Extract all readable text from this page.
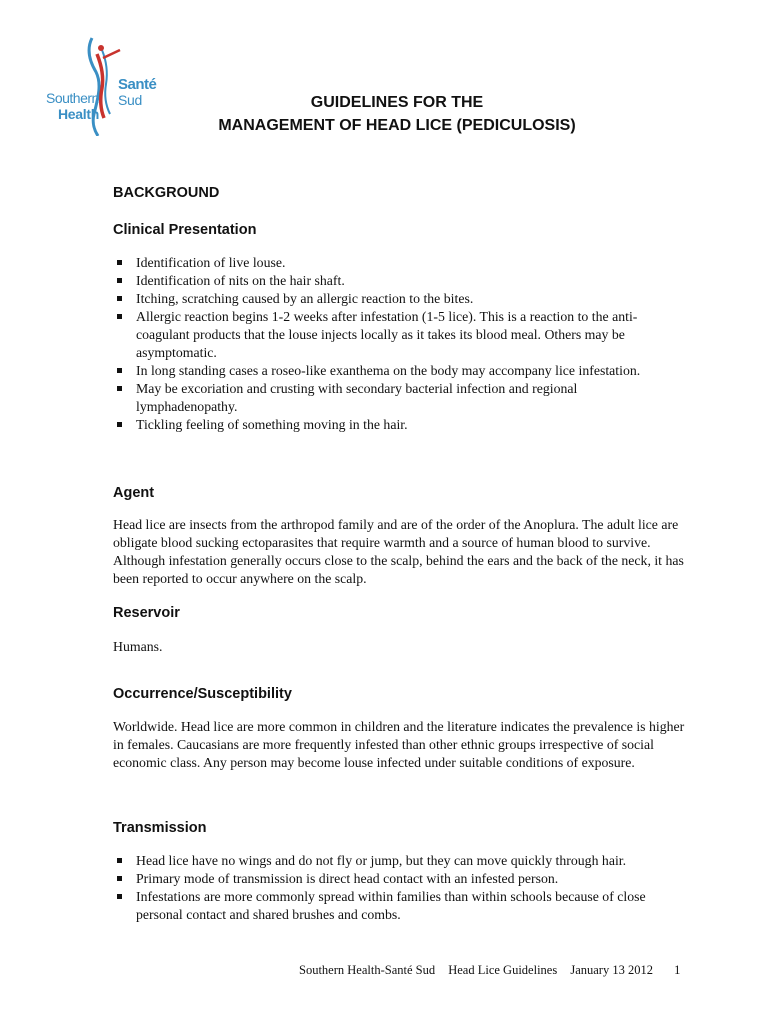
Southern
Health
Santé
Sud	GUIDELINES FOR THE
MANAGEMENT OF HEAD LICE (PEDICULOSIS)
BACKGROUND
Clinical Presentation
Identification of live louse.
Identification of nits on the hair shaft.
Itching, scratching caused by an allergic reaction to the bites.
Allergic reaction begins 1-2 weeks after infestation (1-5 lice). This is a reaction to the anti-coagulant products that the louse injects locally as it takes its blood meal. Others may be asymptomatic.
In long standing cases a roseo-like exanthema on the body may accompany lice infestation.
May be excoriation and crusting with secondary bacterial infection and regional lymphadenopathy.
Tickling feeling of something moving in the hair.
Agent

Head lice are insects from the arthropod family and are of the order of the Anoplura. The adult lice are obligate blood sucking ectoparasites that require warmth and a source of human blood to survive. Although infestation generally occurs close to the scalp, behind the ears and the back of the neck, it has been reported to occur anywhere on the scalp.

Reservoir

Humans.

Occurrence/Susceptibility

Worldwide. Head lice are more common in children and the literature indicates the prevalence is higher in females. Caucasians are more frequently infested than other ethnic groups irrespective of social economic class. Any person may become louse infected under suitable conditions of exposure.

Transmission
Head lice have no wings and do not fly or jump, but they can move quickly through hair.
Primary mode of transmission is direct head contact with an infested person.
Infestations are more commonly spread within families than within schools because of close personal contact and shared brushes and combs.
Southern Health-Santé Sud Head Lice Guidelines January 13 2012 1
